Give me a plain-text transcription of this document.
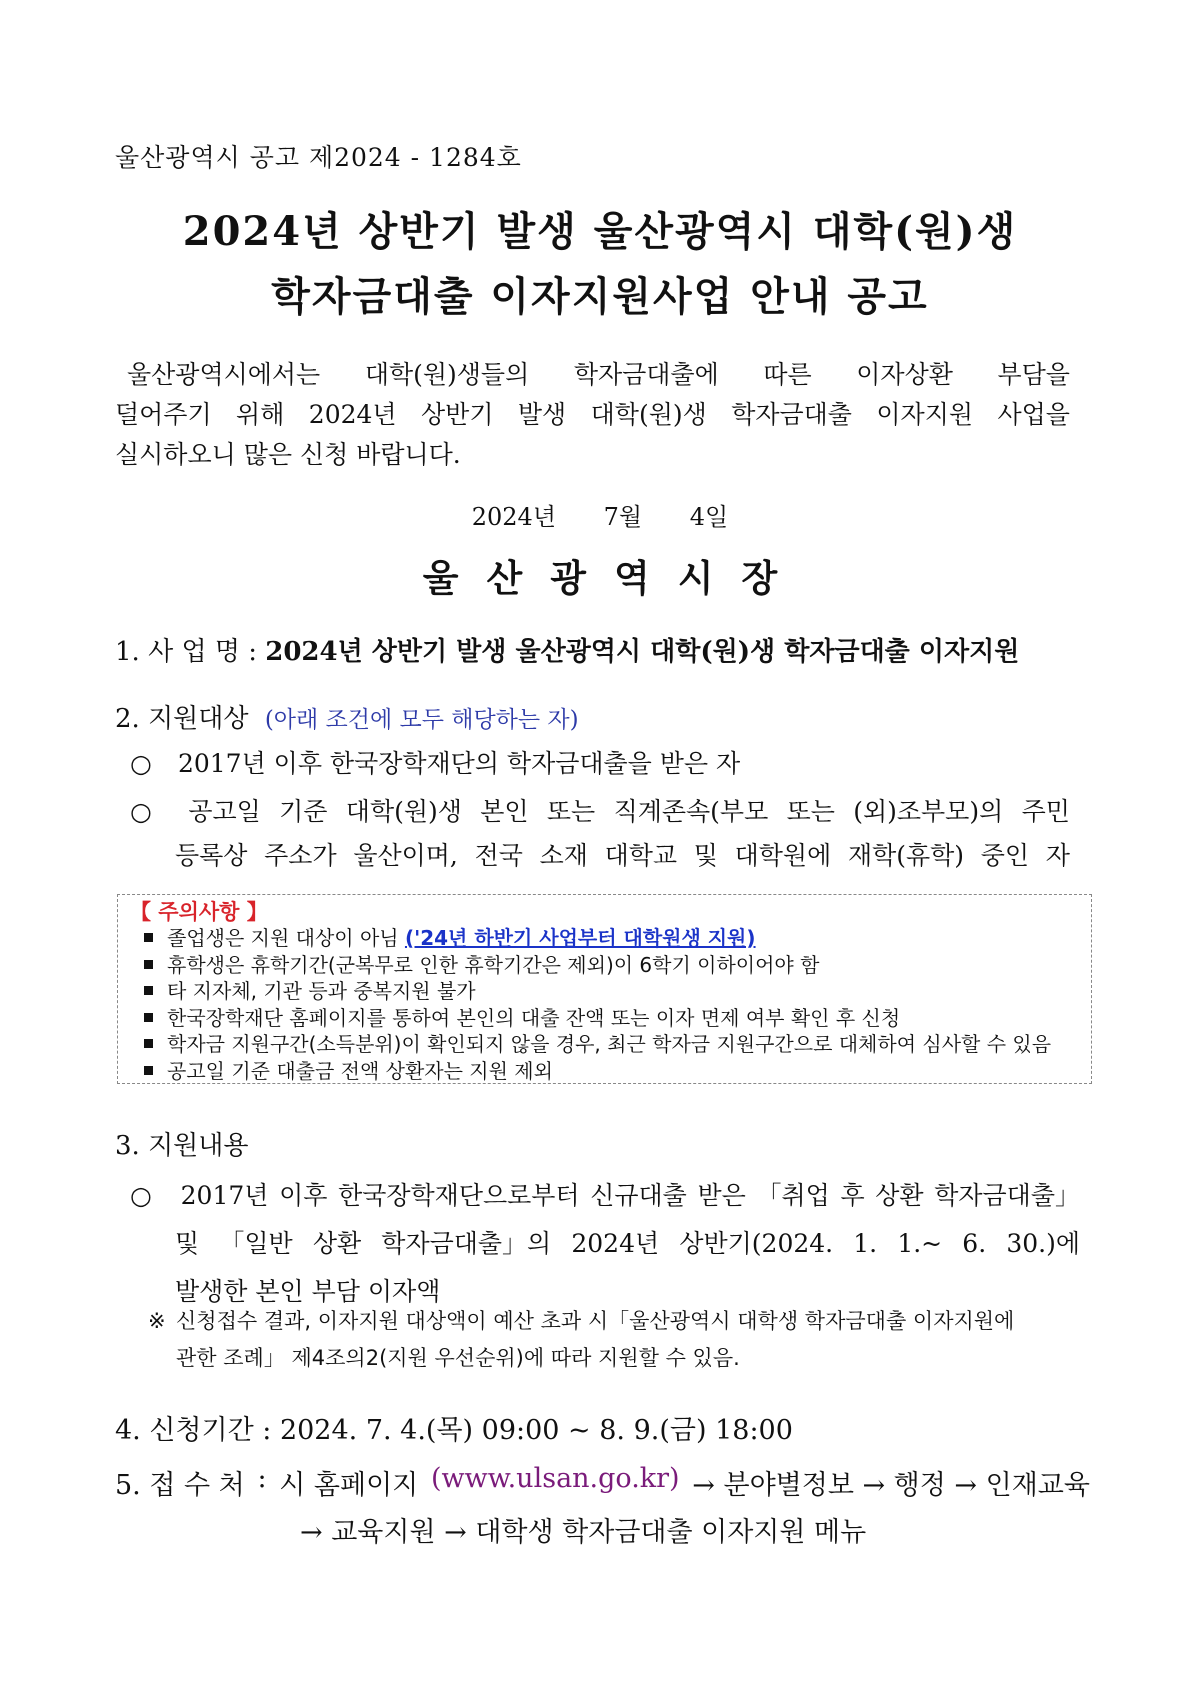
울산광역시 공고 제2024 - 1284호
2024년 상반기 발생 울산광역시 대학(원)생
학자금대출 이자지원사업 안내 공고
울산광역시에서는 대학(원)생들의 학자금대출에 따른 이자상환 부담을
덜어주기 위해 2024년 상반기 발생 대학(원)생 학자금대출 이자지원 사업을
실시하오니 많은 신청 바랍니다.
2024년 7월 4일
울산광역시장
1. 사 업 명 : 2024년 상반기 발생 울산광역시 대학(원)생 학자금대출 이자지원
2. 지원대상 (아래 조건에 모두 해당하는 자)
○ 2017년 이후 한국장학재단의 학자금대출을 받은 자
○	공고일 기준 대학(원)생 본인 또는 직계존속(부모 또는 (외)조부모)의 주민
등록상 주소가 울산이며, 전국 소재 대학교 및 대학원에 재학(휴학) 중인 자
【 주의사항 】
졸업생은 지원 대상이 아님 ('24년 하반기 사업부터 대학원생 지원)
휴학생은 휴학기간(군복무로 인한 휴학기간은 제외)이 6학기 이하이어야 함
타 지자체, 기관 등과 중복지원 불가
한국장학재단 홈페이지를 통하여 본인의 대출 잔액 또는 이자 면제 여부 확인 후 신청
학자금 지원구간(소득분위)이 확인되지 않을 경우, 최근 학자금 지원구간으로 대체하여 심사할 수 있음
공고일 기준 대출금 전액 상환자는 지원 제외
3. 지원내용
○	2017년 이후 한국장학재단으로부터 신규대출 받은 「취업 후 상환 학자금대출」
및 「일반 상환 학자금대출」의 2024년 상반기(2024. 1. 1.~ 6. 30.)에
발생한 본인 부담 이자액
※ 신청접수 결과, 이자지원 대상액이 예산 초과 시「울산광역시 대학생 학자금대출 이자지원에
관한 조례」 제4조의2(지원 우선순위)에 따라 지원할 수 있음.
4. 신청기간 : 2024. 7. 4.(목) 09:00 ~ 8. 9.(금) 18:00
5. 접 수 처 : 시 홈페이지 (www.ulsan.go.kr) → 분야별정보 → 행정 → 인재교육
→ 교육지원 → 대학생 학자금대출 이자지원 메뉴
